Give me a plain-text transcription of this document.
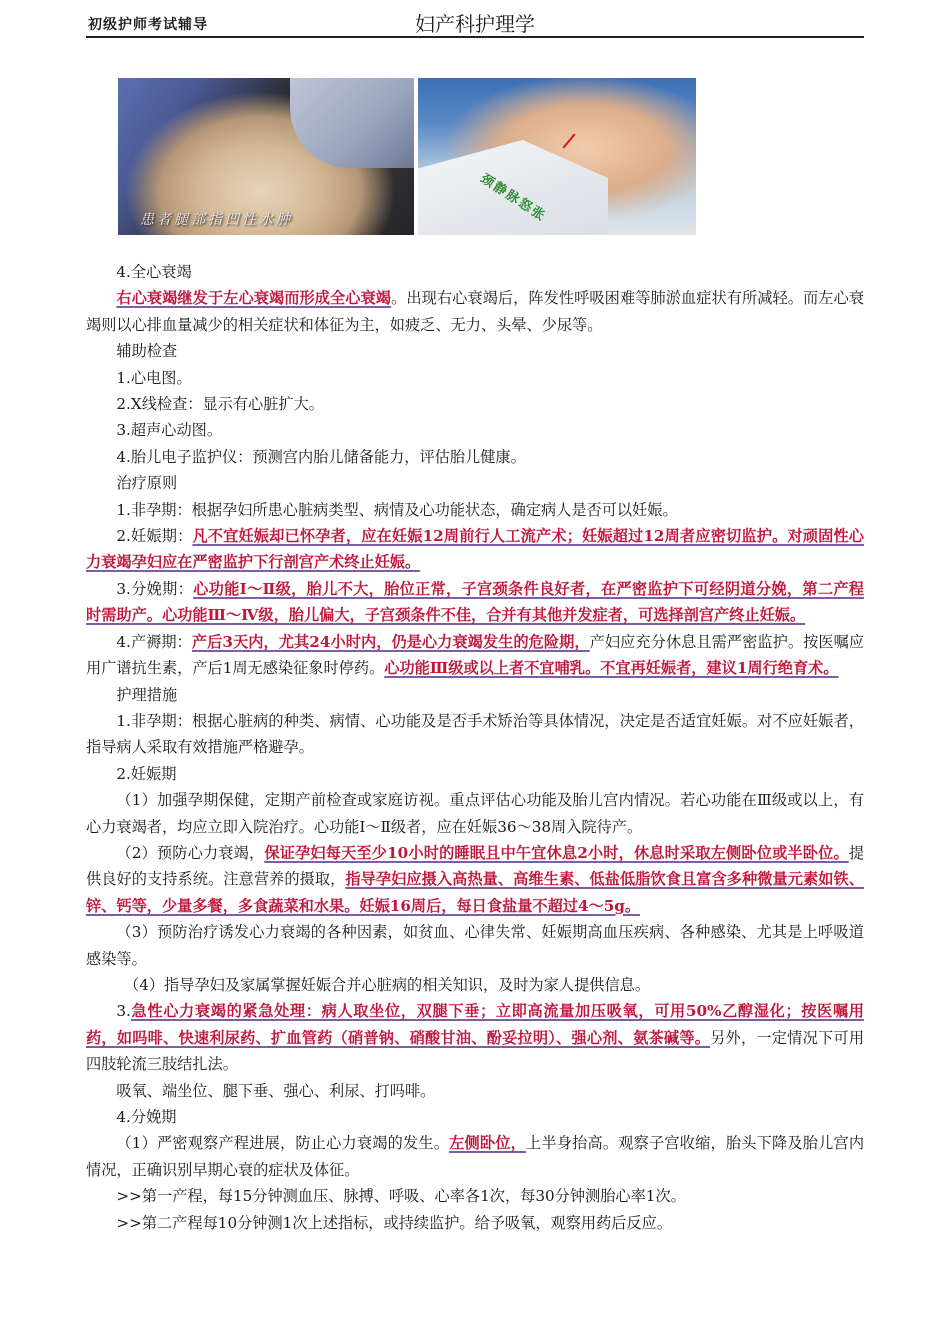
初级护师考试辅导	妇产科护理学
患者腿部指凹性水肿	颈静脉怒张

4.全心衰竭

右心衰竭继发于左心衰竭而形成全心衰竭。出现右心衰竭后，阵发性呼吸困难等肺淤血症状有所减轻。而左心衰竭则以心排血量减少的相关症状和体征为主，如疲乏、无力、头晕、少尿等。

辅助检查

1.心电图。

2.X线检查：显示有心脏扩大。

3.超声心动图。

4.胎儿电子监护仪：预测宫内胎儿储备能力，评估胎儿健康。

治疗原则

1.非孕期：根据孕妇所患心脏病类型、病情及心功能状态，确定病人是否可以妊娠。

2.妊娠期：凡不宜妊娠却已怀孕者，应在妊娠12周前行人工流产术；妊娠超过12周者应密切监护。对顽固性心力衰竭孕妇应在严密监护下行剖宫产术终止妊娠。

3.分娩期：心功能Ⅰ～Ⅱ级，胎儿不大，胎位正常，子宫颈条件良好者，在严密监护下可经阴道分娩，第二产程时需助产。心功能Ⅲ～Ⅳ级，胎儿偏大，子宫颈条件不佳，合并有其他并发症者，可选择剖宫产终止妊娠。

4.产褥期：产后3天内，尤其24小时内，仍是心力衰竭发生的危险期，产妇应充分休息且需严密监护。按医嘱应用广谱抗生素，产后1周无感染征象时停药。心功能Ⅲ级或以上者不宜哺乳。不宜再妊娠者，建议1周行绝育术。

护理措施

1.非孕期：根据心脏病的种类、病情、心功能及是否手术矫治等具体情况，决定是否适宜妊娠。对不应妊娠者，指导病人采取有效措施严格避孕。

2.妊娠期

（1）加强孕期保健，定期产前检查或家庭访视。重点评估心功能及胎儿宫内情况。若心功能在Ⅲ级或以上，有心力衰竭者，均应立即入院治疗。心功能Ⅰ～Ⅱ级者，应在妊娠36～38周入院待产。

（2）预防心力衰竭，保证孕妇每天至少10小时的睡眠且中午宜休息2小时，休息时采取左侧卧位或半卧位。提供良好的支持系统。注意营养的摄取，指导孕妇应摄入高热量、高维生素、低盐低脂饮食且富含多种微量元素如铁、锌、钙等，少量多餐，多食蔬菜和水果。妊娠16周后，每日食盐量不超过4～5g。

（3）预防治疗诱发心力衰竭的各种因素，如贫血、心律失常、妊娠期高血压疾病、各种感染、尤其是上呼吸道感染等。

（4）指导孕妇及家属掌握妊娠合并心脏病的相关知识，及时为家人提供信息。

3.急性心力衰竭的紧急处理：病人取坐位，双腿下垂；立即高流量加压吸氧，可用50%乙醇湿化；按医嘱用药，如吗啡、快速利尿药、扩血管药（硝普钠、硝酸甘油、酚妥拉明）、强心剂、氨茶碱等。另外，一定情况下可用四肢轮流三肢结扎法。

吸氧、端坐位、腿下垂、强心、利尿、打吗啡。

4.分娩期

（1）严密观察产程进展，防止心力衰竭的发生。左侧卧位，上半身抬高。观察子宫收缩，胎头下降及胎儿宫内情况，正确识别早期心衰的症状及体征。

>>第一产程，每15分钟测血压、脉搏、呼吸、心率各1次，每30分钟测胎心率1次。

>>第二产程每10分钟测1次上述指标，或持续监护。给予吸氧，观察用药后反应。
